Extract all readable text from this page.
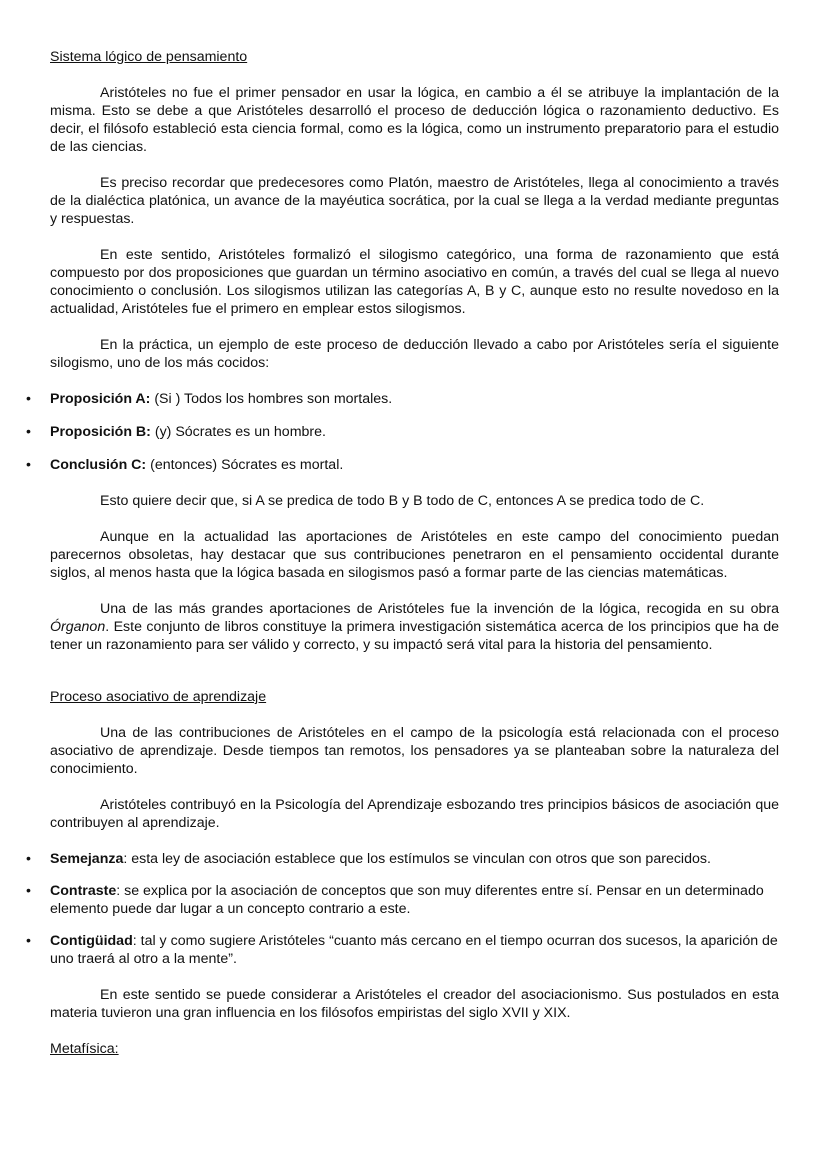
Sistema lógico de pensamiento

Aristóteles no fue el primer pensador en usar la lógica, en cambio a él se atribuye la implantación de la misma. Esto se debe a que Aristóteles desarrolló el proceso de deducción lógica o razonamiento deductivo. Es decir, el filósofo estableció esta ciencia formal, como es la lógica, como un instrumento preparatorio para el estudio de las ciencias.

Es preciso recordar que predecesores como Platón, maestro de Aristóteles, llega al conocimiento a través de la dialéctica platónica, un avance de la mayéutica socrática, por la cual se llega a la verdad mediante preguntas y respuestas.

En este sentido, Aristóteles formalizó el silogismo categórico, una forma de razonamiento que está compuesto por dos proposiciones que guardan un término asociativo en común, a través del cual se llega al nuevo conocimiento o conclusión. Los silogismos utilizan las categorías A, B y C, aunque esto no resulte novedoso en la actualidad, Aristóteles fue el primero en emplear estos silogismos.

En la práctica, un ejemplo de este proceso de deducción llevado a cabo por Aristóteles sería el siguiente silogismo, uno de los más cocidos:

• Proposición A: (Si ) Todos los hombres son mortales.
• Proposición B: (y) Sócrates es un hombre.
• Conclusión C: (entonces) Sócrates es mortal.

Esto quiere decir que, si A se predica de todo B y B todo de C, entonces A se predica todo de C.

Aunque en la actualidad las aportaciones de Aristóteles en este campo del conocimiento puedan parecernos obsoletas, hay destacar que sus contribuciones penetraron en el pensamiento occidental durante siglos, al menos hasta que la lógica basada en silogismos pasó a formar parte de las ciencias matemáticas.

Una de las más grandes aportaciones de Aristóteles fue la invención de la lógica, recogida en su obra Órganon. Este conjunto de libros constituye la primera investigación sistemática acerca de los principios que ha de tener un razonamiento para ser válido y correcto, y su impactó será vital para la historia del pensamiento.

Proceso asociativo de aprendizaje

Una de las contribuciones de Aristóteles en el campo de la psicología está relacionada con el proceso asociativo de aprendizaje. Desde tiempos tan remotos, los pensadores ya se planteaban sobre la naturaleza del conocimiento.

Aristóteles contribuyó en la Psicología del Aprendizaje esbozando tres principios básicos de asociación que contribuyen al aprendizaje.

• Semejanza: esta ley de asociación establece que los estímulos se vinculan con otros que son parecidos.
• Contraste: se explica por la asociación de conceptos que son muy diferentes entre sí. Pensar en un determinado elemento puede dar lugar a un concepto contrario a este.
• Contigüidad: tal y como sugiere Aristóteles “cuanto más cercano en el tiempo ocurran dos sucesos, la aparición de uno traerá al otro a la mente”.

En este sentido se puede considerar a Aristóteles el creador del asociacionismo. Sus postulados en esta materia tuvieron una gran influencia en los filósofos empiristas del siglo XVII y XIX.

Metafísica:
